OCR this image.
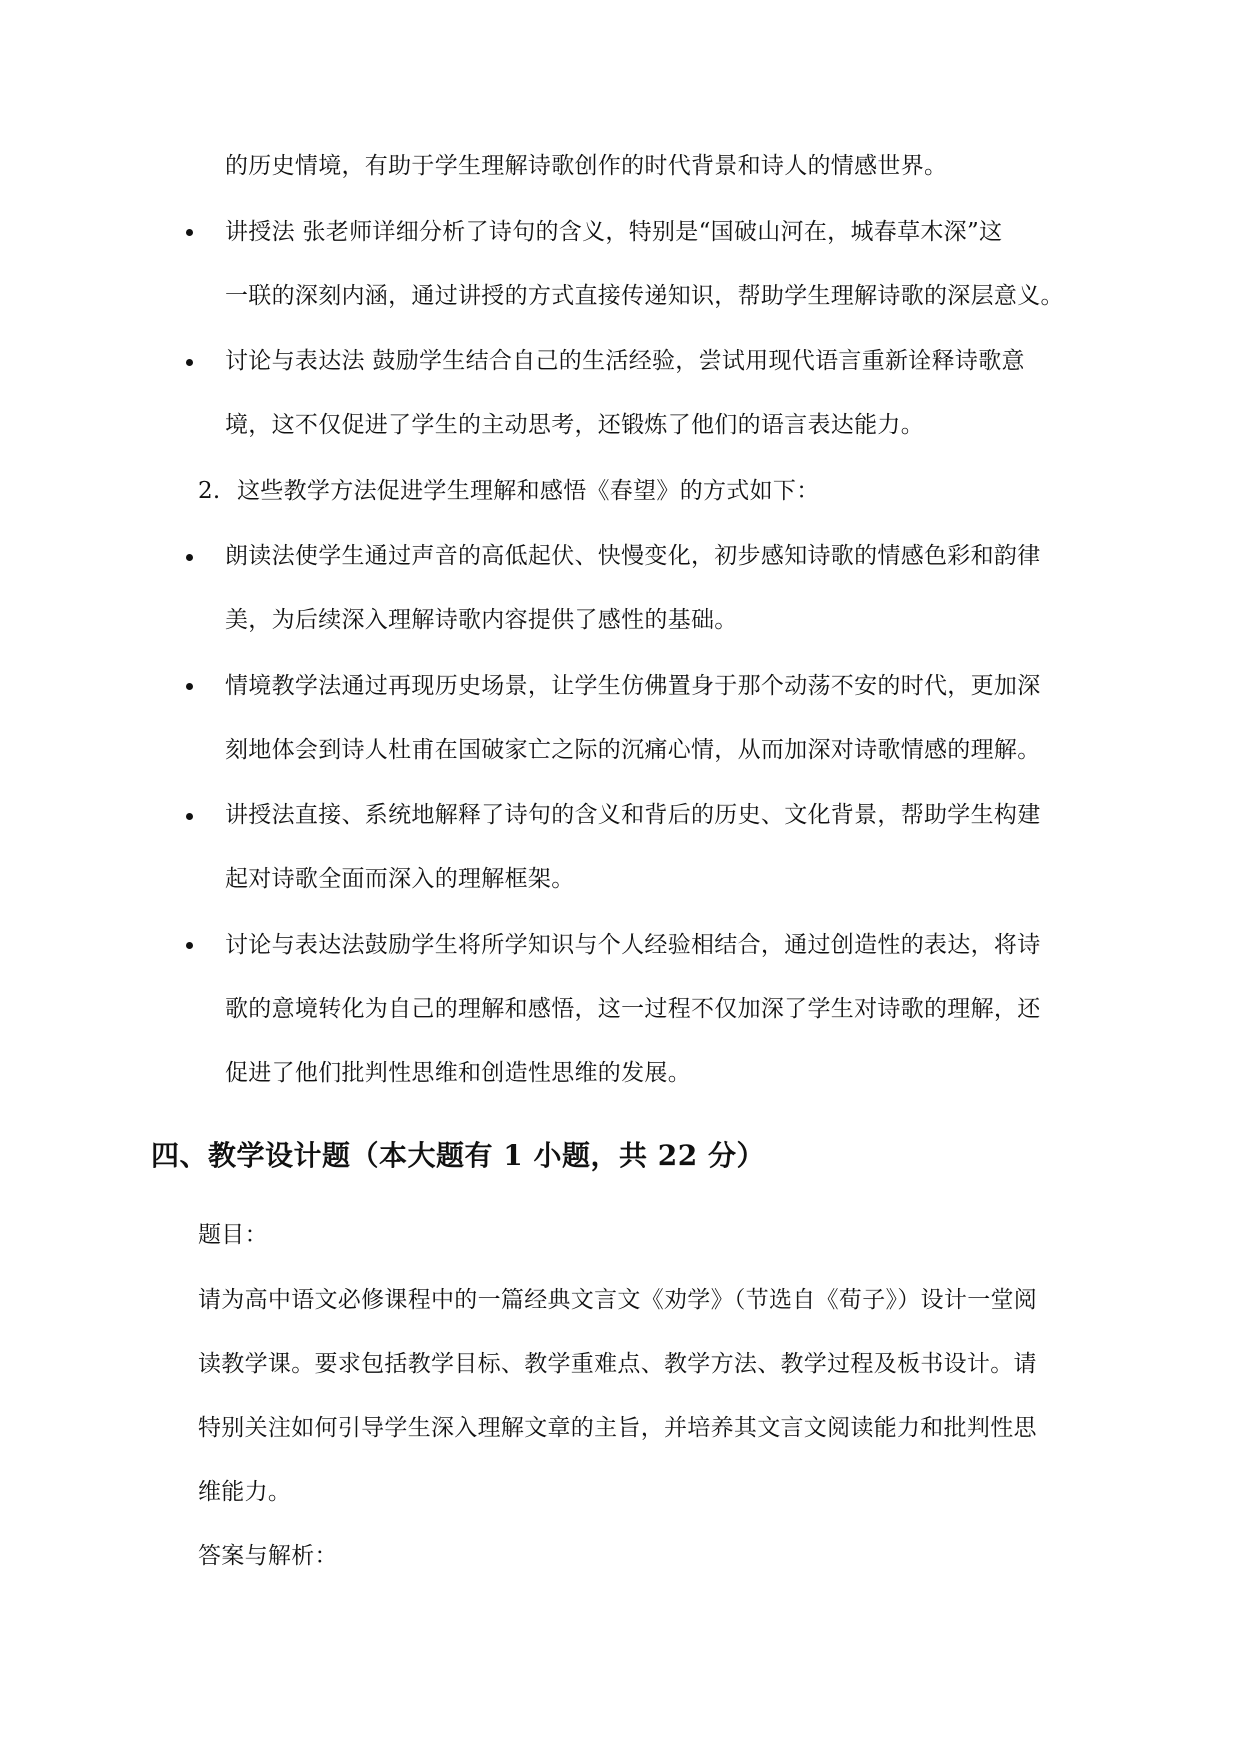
的历史情境，有助于学生理解诗歌创作的时代背景和诗人的情感世界。
讲授法 张老师详细分析了诗句的含义，特别是“国破山河在，城春草木深”这
一联的深刻内涵，通过讲授的方式直接传递知识，帮助学生理解诗歌的深层意义。
讨论与表达法 鼓励学生结合自己的生活经验，尝试用现代语言重新诠释诗歌意
境，这不仅促进了学生的主动思考，还锻炼了他们的语言表达能力。
2. 这些教学方法促进学生理解和感悟《春望》的方式如下：
朗读法使学生通过声音的高低起伏、快慢变化，初步感知诗歌的情感色彩和韵律
美，为后续深入理解诗歌内容提供了感性的基础。
情境教学法通过再现历史场景，让学生仿佛置身于那个动荡不安的时代，更加深
刻地体会到诗人杜甫在国破家亡之际的沉痛心情，从而加深对诗歌情感的理解。
讲授法直接、系统地解释了诗句的含义和背后的历史、文化背景，帮助学生构建
起对诗歌全面而深入的理解框架。
讨论与表达法鼓励学生将所学知识与个人经验相结合，通过创造性的表达，将诗
歌的意境转化为自己的理解和感悟，这一过程不仅加深了学生对诗歌的理解，还
促进了他们批判性思维和创造性思维的发展。
四、教学设计题（本大题有 1 小题，共 22 分）
题目：
请为高中语文必修课程中的一篇经典文言文《劝学》（节选自《荀子》）设计一堂阅
读教学课。要求包括教学目标、教学重难点、教学方法、教学过程及板书设计。请
特别关注如何引导学生深入理解文章的主旨，并培养其文言文阅读能力和批判性思
维能力。
答案与解析：
